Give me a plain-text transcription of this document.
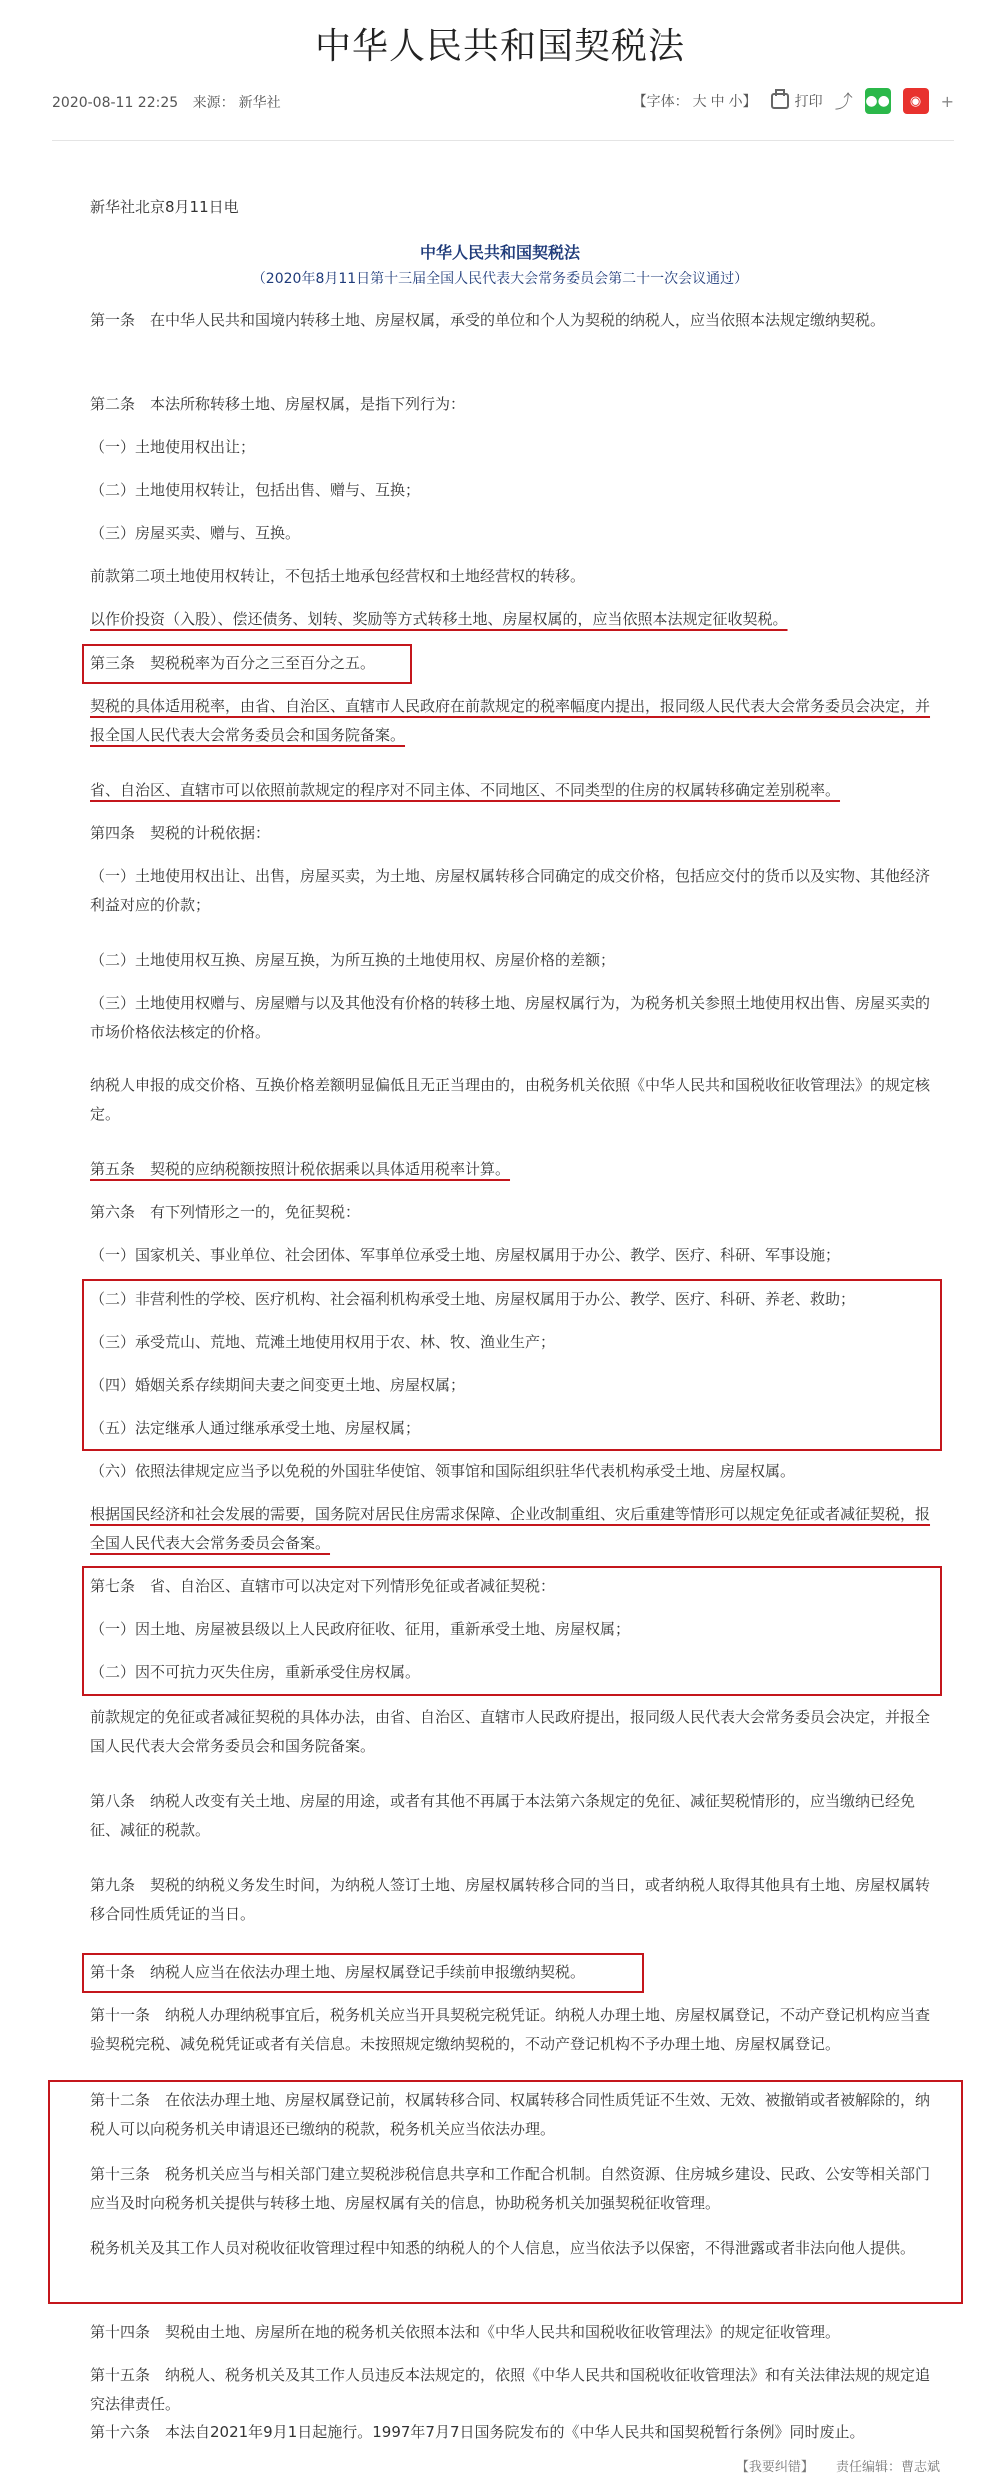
中华人民共和国契税法
2020-08-11 22:25 来源： 新华社	【字体： 大 中 小】	打印 ⤴ ●●	◉	+
新华社北京8月11日电
中华人民共和国契税法
（2020年8月11日第十三届全国人民代表大会常务委员会第二十一次会议通过）
第一条　在中华人民共和国境内转移土地、房屋权属，承受的单位和个人为契税的纳税人，应当依照本法规定缴纳契税。
第二条　本法所称转移土地、房屋权属，是指下列行为：
（一）土地使用权出让；
（二）土地使用权转让，包括出售、赠与、互换；
（三）房屋买卖、赠与、互换。
前款第二项土地使用权转让，不包括土地承包经营权和土地经营权的转移。
以作价投资（入股）、偿还债务、划转、奖励等方式转移土地、房屋权属的，应当依照本法规定征收契税。
第三条　契税税率为百分之三至百分之五。
契税的具体适用税率，由省、自治区、直辖市人民政府在前款规定的税率幅度内提出，报同级人民代表大会常务委员会决定，并报全国人民代表大会常务委员会和国务院备案。
省、自治区、直辖市可以依照前款规定的程序对不同主体、不同地区、不同类型的住房的权属转移确定差别税率。
第四条　契税的计税依据：
（一）土地使用权出让、出售，房屋买卖，为土地、房屋权属转移合同确定的成交价格，包括应交付的货币以及实物、其他经济利益对应的价款；
（二）土地使用权互换、房屋互换，为所互换的土地使用权、房屋价格的差额；
（三）土地使用权赠与、房屋赠与以及其他没有价格的转移土地、房屋权属行为，为税务机关参照土地使用权出售、房屋买卖的市场价格依法核定的价格。
纳税人申报的成交价格、互换价格差额明显偏低且无正当理由的，由税务机关依照《中华人民共和国税收征收管理法》的规定核定。
第五条　契税的应纳税额按照计税依据乘以具体适用税率计算。
第六条　有下列情形之一的，免征契税：
（一）国家机关、事业单位、社会团体、军事单位承受土地、房屋权属用于办公、教学、医疗、科研、军事设施；
（二）非营利性的学校、医疗机构、社会福利机构承受土地、房屋权属用于办公、教学、医疗、科研、养老、救助；
（三）承受荒山、荒地、荒滩土地使用权用于农、林、牧、渔业生产；
（四）婚姻关系存续期间夫妻之间变更土地、房屋权属；
（五）法定继承人通过继承承受土地、房屋权属；
（六）依照法律规定应当予以免税的外国驻华使馆、领事馆和国际组织驻华代表机构承受土地、房屋权属。
根据国民经济和社会发展的需要，国务院对居民住房需求保障、企业改制重组、灾后重建等情形可以规定免征或者减征契税，报全国人民代表大会常务委员会备案。
第七条　省、自治区、直辖市可以决定对下列情形免征或者减征契税：
（一）因土地、房屋被县级以上人民政府征收、征用，重新承受土地、房屋权属；
（二）因不可抗力灭失住房，重新承受住房权属。
前款规定的免征或者减征契税的具体办法，由省、自治区、直辖市人民政府提出，报同级人民代表大会常务委员会决定，并报全国人民代表大会常务委员会和国务院备案。
第八条　纳税人改变有关土地、房屋的用途，或者有其他不再属于本法第六条规定的免征、减征契税情形的，应当缴纳已经免征、减征的税款。
第九条　契税的纳税义务发生时间，为纳税人签订土地、房屋权属转移合同的当日，或者纳税人取得其他具有土地、房屋权属转移合同性质凭证的当日。
第十条　纳税人应当在依法办理土地、房屋权属登记手续前申报缴纳契税。
第十一条　纳税人办理纳税事宜后，税务机关应当开具契税完税凭证。纳税人办理土地、房屋权属登记，不动产登记机构应当查验契税完税、减免税凭证或者有关信息。未按照规定缴纳契税的，不动产登记机构不予办理土地、房屋权属登记。
第十二条　在依法办理土地、房屋权属登记前，权属转移合同、权属转移合同性质凭证不生效、无效、被撤销或者被解除的，纳税人可以向税务机关申请退还已缴纳的税款，税务机关应当依法办理。
第十三条　税务机关应当与相关部门建立契税涉税信息共享和工作配合机制。自然资源、住房城乡建设、民政、公安等相关部门应当及时向税务机关提供与转移土地、房屋权属有关的信息，协助税务机关加强契税征收管理。
税务机关及其工作人员对税收征收管理过程中知悉的纳税人的个人信息，应当依法予以保密，不得泄露或者非法向他人提供。
第十四条　契税由土地、房屋所在地的税务机关依照本法和《中华人民共和国税收征收管理法》的规定征收管理。
第十五条　纳税人、税务机关及其工作人员违反本法规定的，依照《中华人民共和国税收征收管理法》和有关法律法规的规定追究法律责任。
第十六条　本法自2021年9月1日起施行。1997年7月7日国务院发布的《中华人民共和国契税暂行条例》同时废止。
【我要纠错】 责任编辑：曹志斌
